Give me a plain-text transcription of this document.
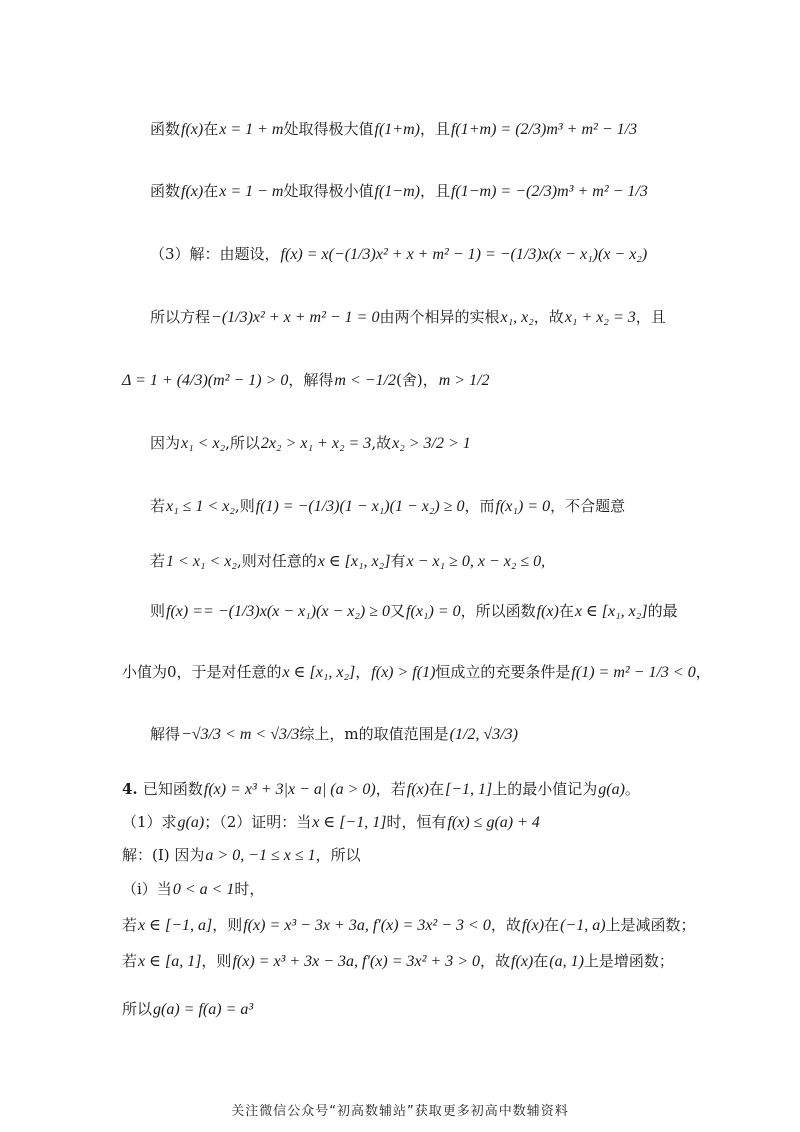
函数f(x)在x = 1 + m处取得极大值f(1+m)，且f(1+m) = (2/3)m³ + m² − 1/3
函数f(x)在x = 1 − m处取得极小值f(1−m)，且f(1−m) = −(2/3)m³ + m² − 1/3
（3）解：由题设，f(x) = x(−(1/3)x² + x + m² − 1) = −(1/3)x(x − x₁)(x − x₂)
所以方程−(1/3)x² + x + m² − 1 = 0由两个相异的实根x₁, x₂，故x₁ + x₂ = 3，且
Δ = 1 + (4/3)(m² − 1) > 0，解得m < −1/2(舍)，m > 1/2
因为x₁ < x₂,所以2x₂ > x₁ + x₂ = 3,故x₂ > 3/2 > 1
若x₁ ≤ 1 < x₂,则f(1) = −(1/3)(1 − x₁)(1 − x₂) ≥ 0，而f(x₁) = 0，不合题意
若1 < x₁ < x₂,则对任意的x ∈ [x₁, x₂]有x − x₁ ≥ 0, x − x₂ ≤ 0,
则f(x) == −(1/3)x(x − x₁)(x − x₂) ≥ 0又f(x₁) = 0，所以函数f(x)在x ∈ [x₁, x₂]的最
小值为0，于是对任意的x ∈ [x₁, x₂]，f(x) > f(1)恒成立的充要条件是f(1) = m² − 1/3 < 0，
解得−√3/3 < m < √3/3综上，m的取值范围是(1/2, √3/3)
4. 已知函数f(x) = x³ + 3|x − a| (a > 0)，若f(x)在[−1, 1]上的最小值记为g(a)。
（1）求g(a)；（2）证明：当x ∈ [−1, 1]时，恒有f(x) ≤ g(a) + 4
解：(I) 因为a > 0, −1 ≤ x ≤ 1，所以
（i）当0 < a < 1时，
若x ∈ [−1, a]，则f(x) = x³ − 3x + 3a, f′(x) = 3x² − 3 < 0，故f(x)在(−1, a)上是减函数；
若x ∈ [a, 1]，则f(x) = x³ + 3x − 3a, f′(x) = 3x² + 3 > 0，故f(x)在(a, 1)上是增函数；
所以g(a) = f(a) = a³
关注微信公众号“初高数辅站”获取更多初高中数辅资料
